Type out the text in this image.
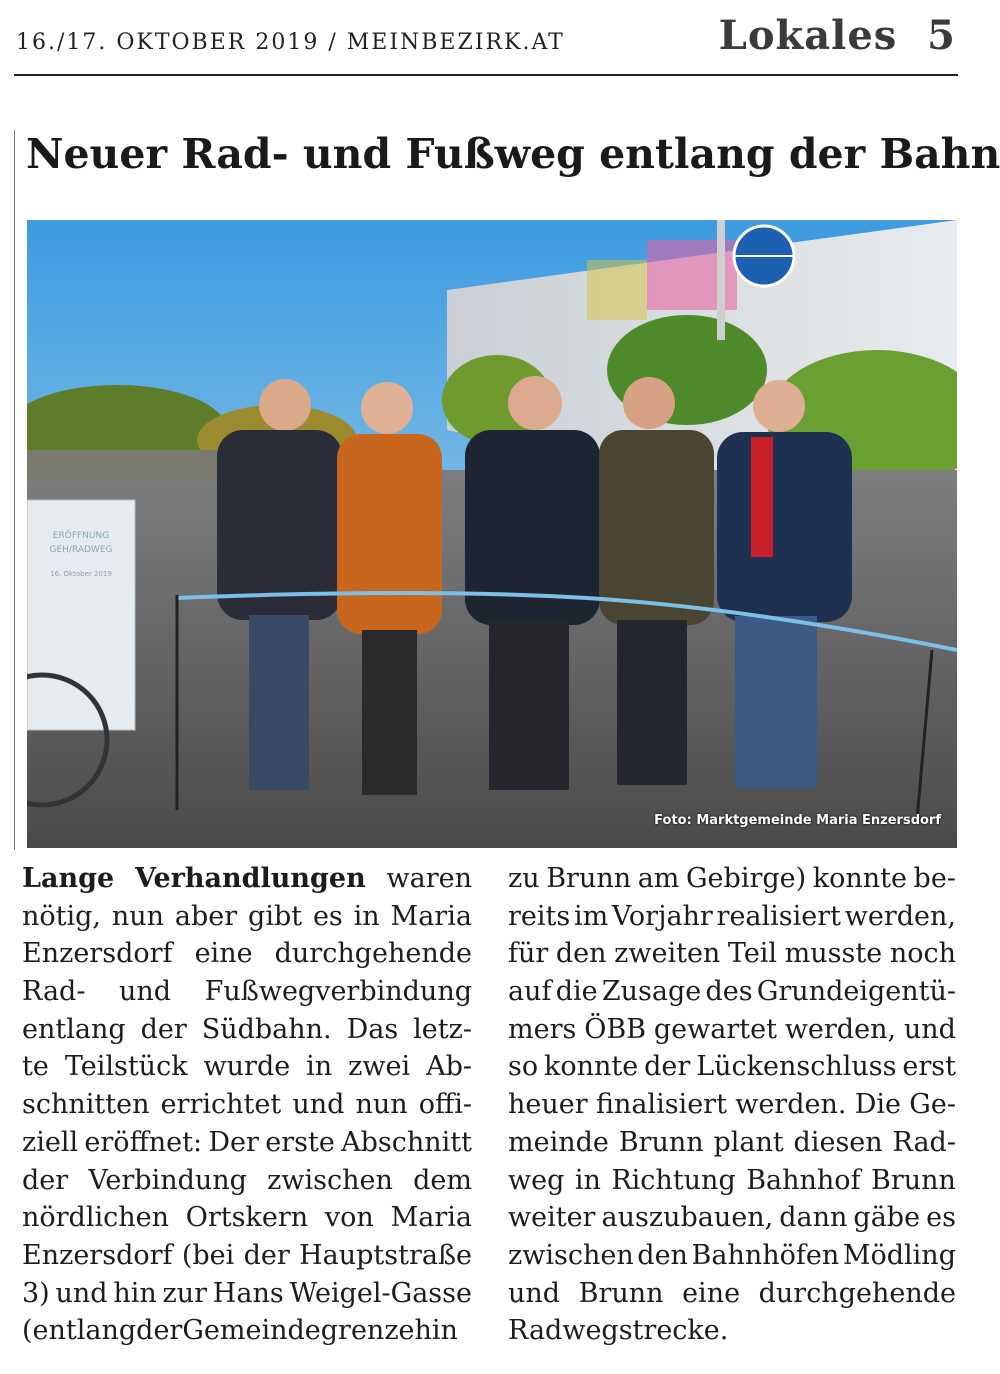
16./17. OKTOBER 2019 / MEINBEZIRK.AT	Lokales 5
Neuer Rad- und Fußweg entlang der Bahn
ERÖFFNUNG
GEH/RADWEG
16. Oktober 2019
Foto: Marktgemeinde Maria Enzersdorf
Lange Verhandlungen waren
nötig, nun aber gibt es in Maria
Enzersdorf eine durchgehende
Rad- und Fußwegverbindung
entlang der Südbahn. Das letz-
te Teilstück wurde in zwei Ab-
schnitten errichtet und nun offi-
ziell eröffnet: Der erste Abschnitt
der Verbindung zwischen dem
nördlichen Ortskern von Maria
Enzersdorf (bei der Hauptstraße
3) und hin zur Hans Weigel-Gasse
(entlang der Gemeindegrenze hin
zu Brunn am Gebirge) konnte be-
reits im Vorjahr realisiert werden,
für den zweiten Teil musste noch
auf die Zusage des Grundeigentü-
mers ÖBB gewartet werden, und
so konnte der Lückenschluss erst
heuer finalisiert werden. Die Ge-
meinde Brunn plant diesen Rad-
weg in Richtung Bahnhof Brunn
weiter auszubauen, dann gäbe es
zwischen den Bahnhöfen Mödling
und Brunn eine durchgehende
Radwegstrecke.
